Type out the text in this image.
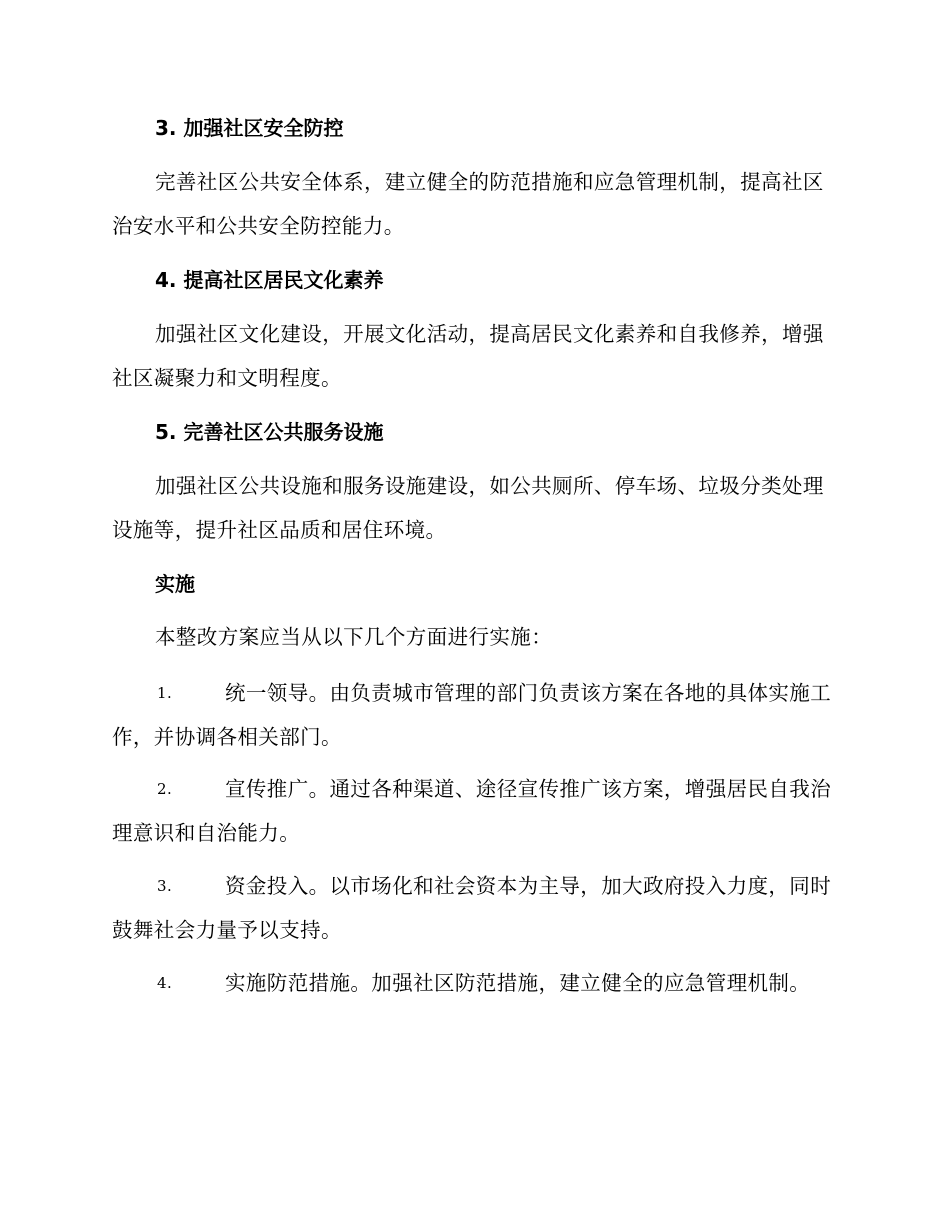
3. 加强社区安全防控
完善社区公共安全体系，建立健全的防范措施和应急管理机制，提高社区治安水平和公共安全防控能力。
4. 提高社区居民文化素养
加强社区文化建设，开展文化活动，提高居民文化素养和自我修养，增强社区凝聚力和文明程度。
5. 完善社区公共服务设施
加强社区公共设施和服务设施建设，如公共厕所、停车场、垃圾分类处理设施等，提升社区品质和居住环境。
实施
本整改方案应当从以下几个方面进行实施：
1.	统一领导。由负责城市管理的部门负责该方案在各地的具体实施工作，并协调各相关部门。
2.	宣传推广。通过各种渠道、途径宣传推广该方案，增强居民自我治理意识和自治能力。
3.	资金投入。以市场化和社会资本为主导，加大政府投入力度，同时鼓舞社会力量予以支持。
4.	实施防范措施。加强社区防范措施，建立健全的应急管理机制。
